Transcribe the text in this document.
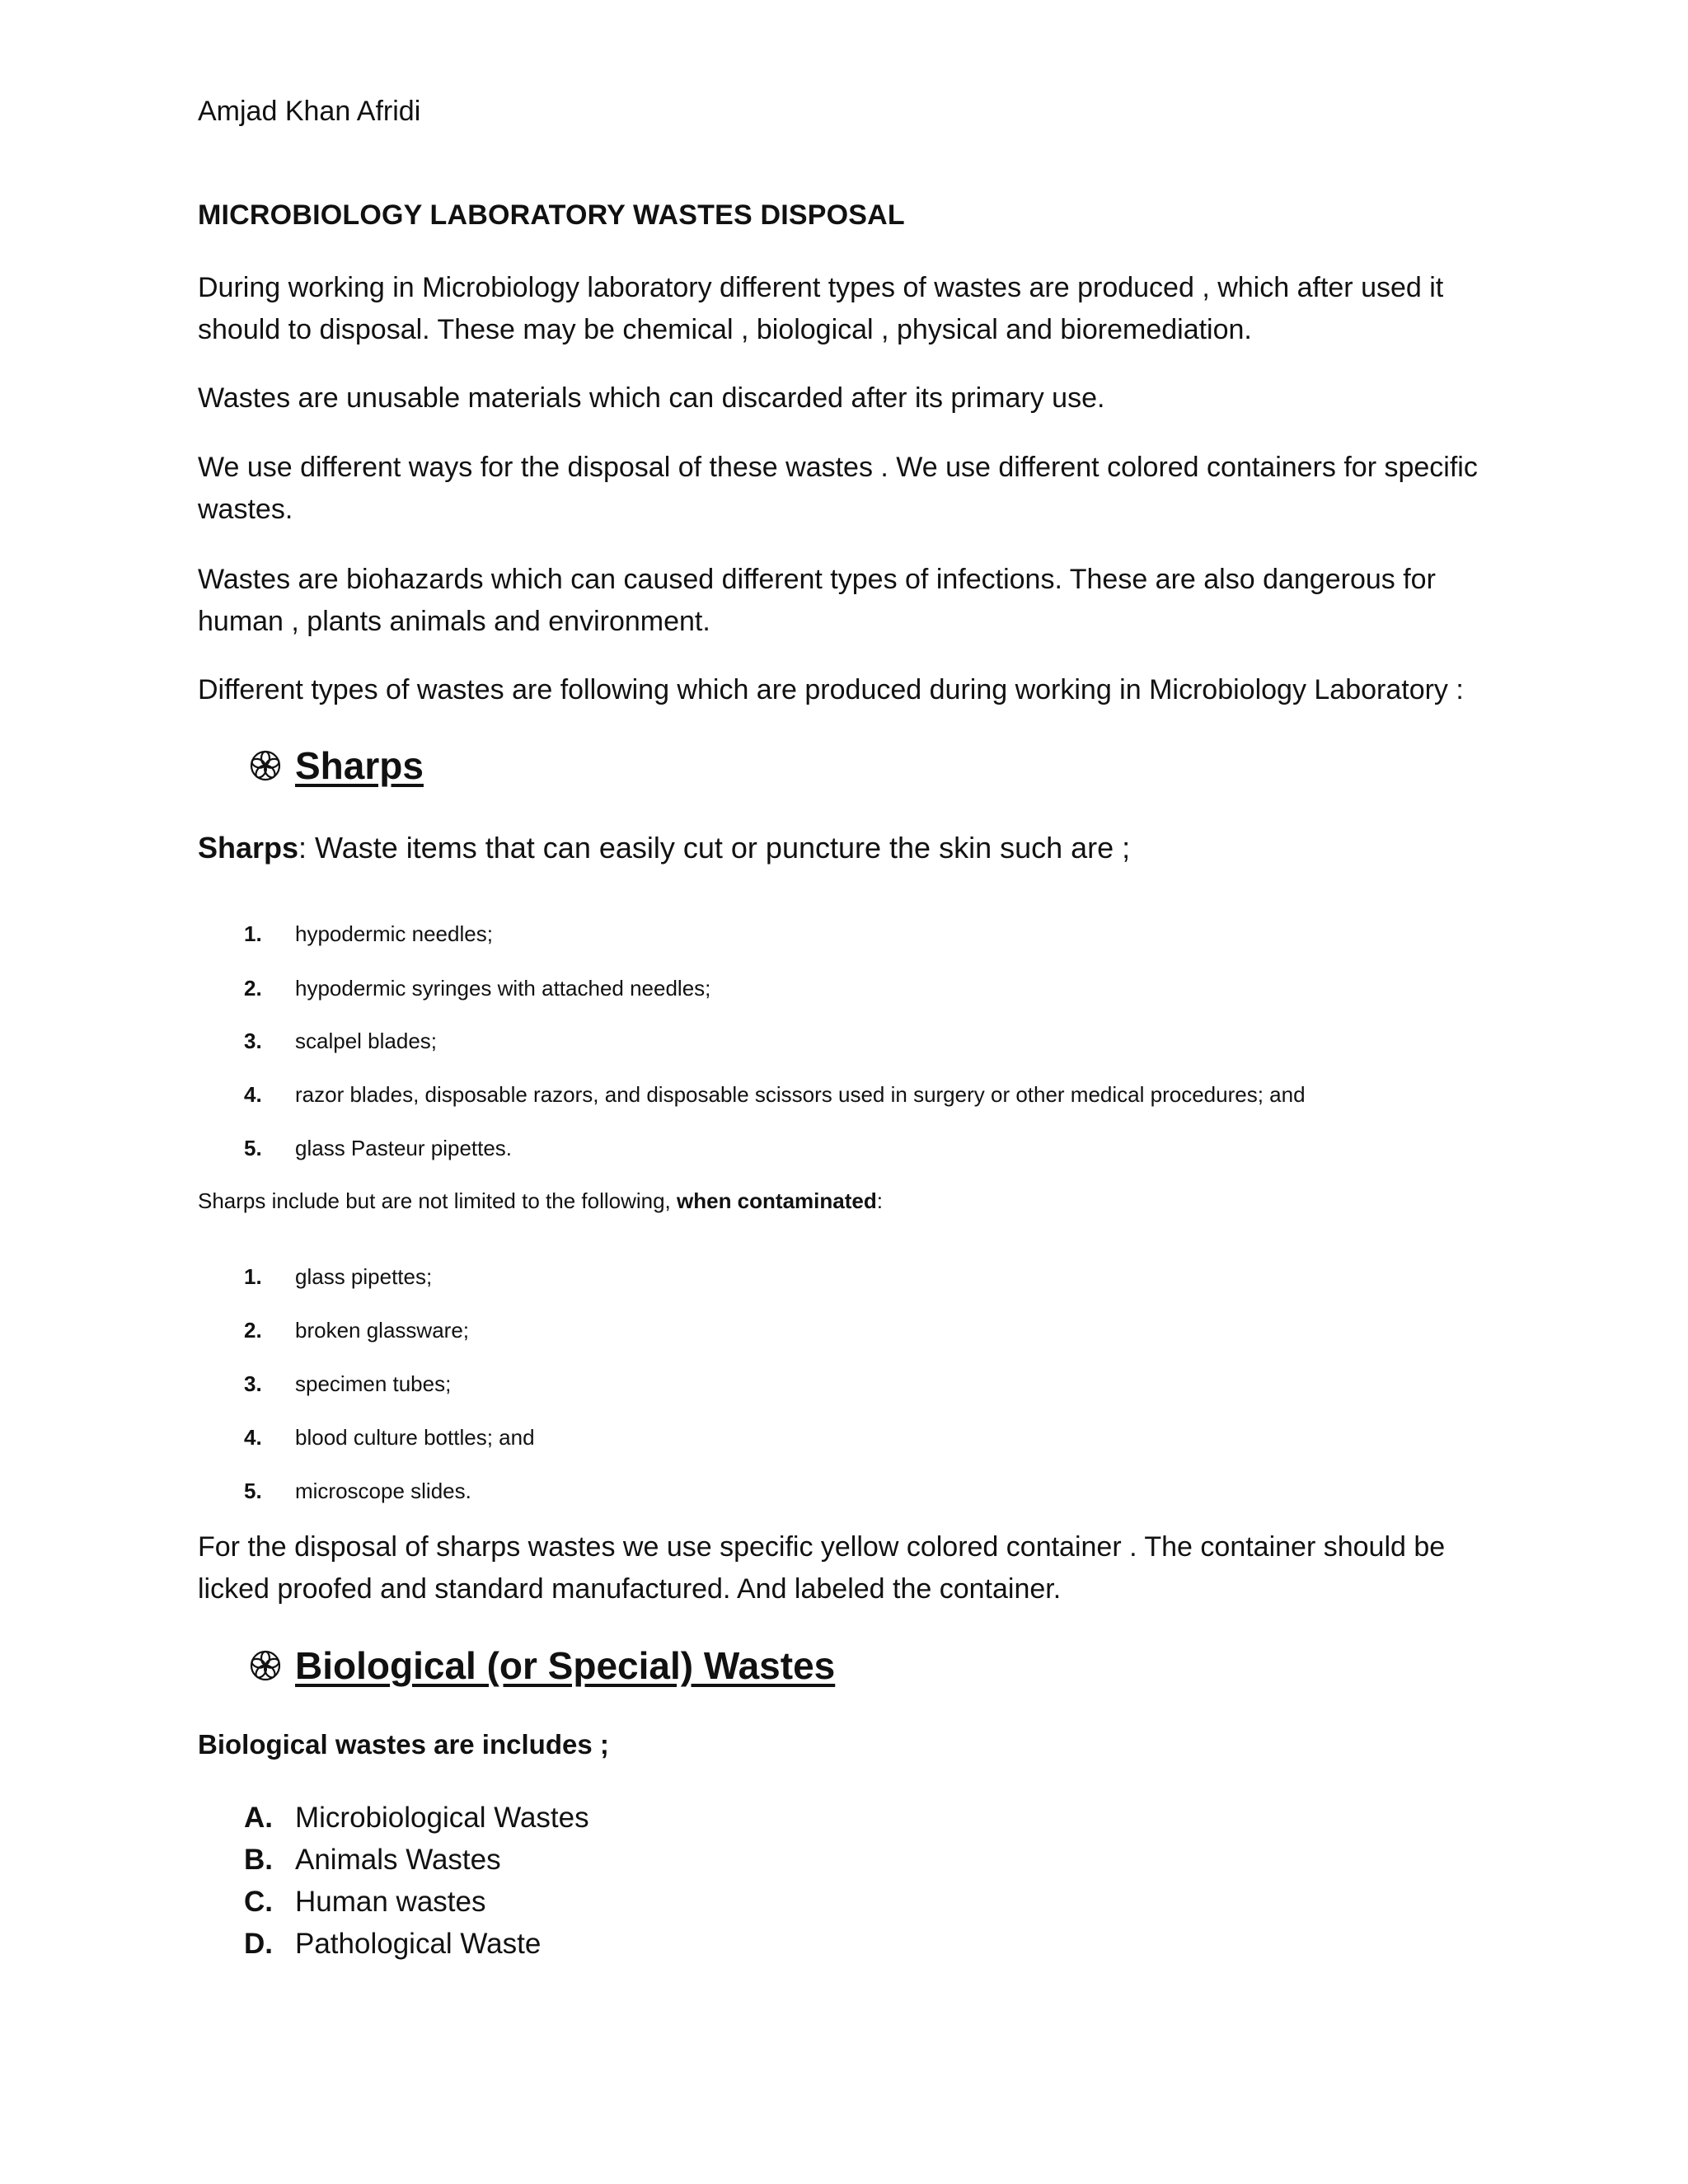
Amjad Khan Afridi

MICROBIOLOGY LABORATORY WASTES DISPOSAL

During working in Microbiology laboratory different types of wastes are produced , which after used it should to disposal. These may be chemical , biological , physical and bioremediation.

Wastes are unusable materials which can discarded after its primary use.

We use different ways for the disposal of these wastes . We use different colored containers for specific wastes.

Wastes are biohazards which can caused different types of infections. These are also dangerous for human , plants animals and environment.

Different types of wastes are following which are produced during working in Microbiology Laboratory :

Sharps

Sharps: Waste items that can easily cut or puncture the skin such are ;

1.	hypodermic needles;
2.	hypodermic syringes with attached needles;
3.	scalpel blades;
4.	razor blades, disposable razors, and disposable scissors used in surgery or other medical procedures; and
5.	glass Pasteur pipettes.

Sharps include but are not limited to the following, when contaminated:

1.	glass pipettes;
2.	broken glassware;
3.	specimen tubes;
4.	blood culture bottles; and
5.	microscope slides.

For the disposal of sharps wastes we use specific yellow colored container . The container should be licked proofed and standard manufactured. And labeled the container.

Biological (or Special) Wastes

Biological wastes are includes ;

A. Microbiological Wastes
B. Animals Wastes
C. Human wastes
D. Pathological Waste
